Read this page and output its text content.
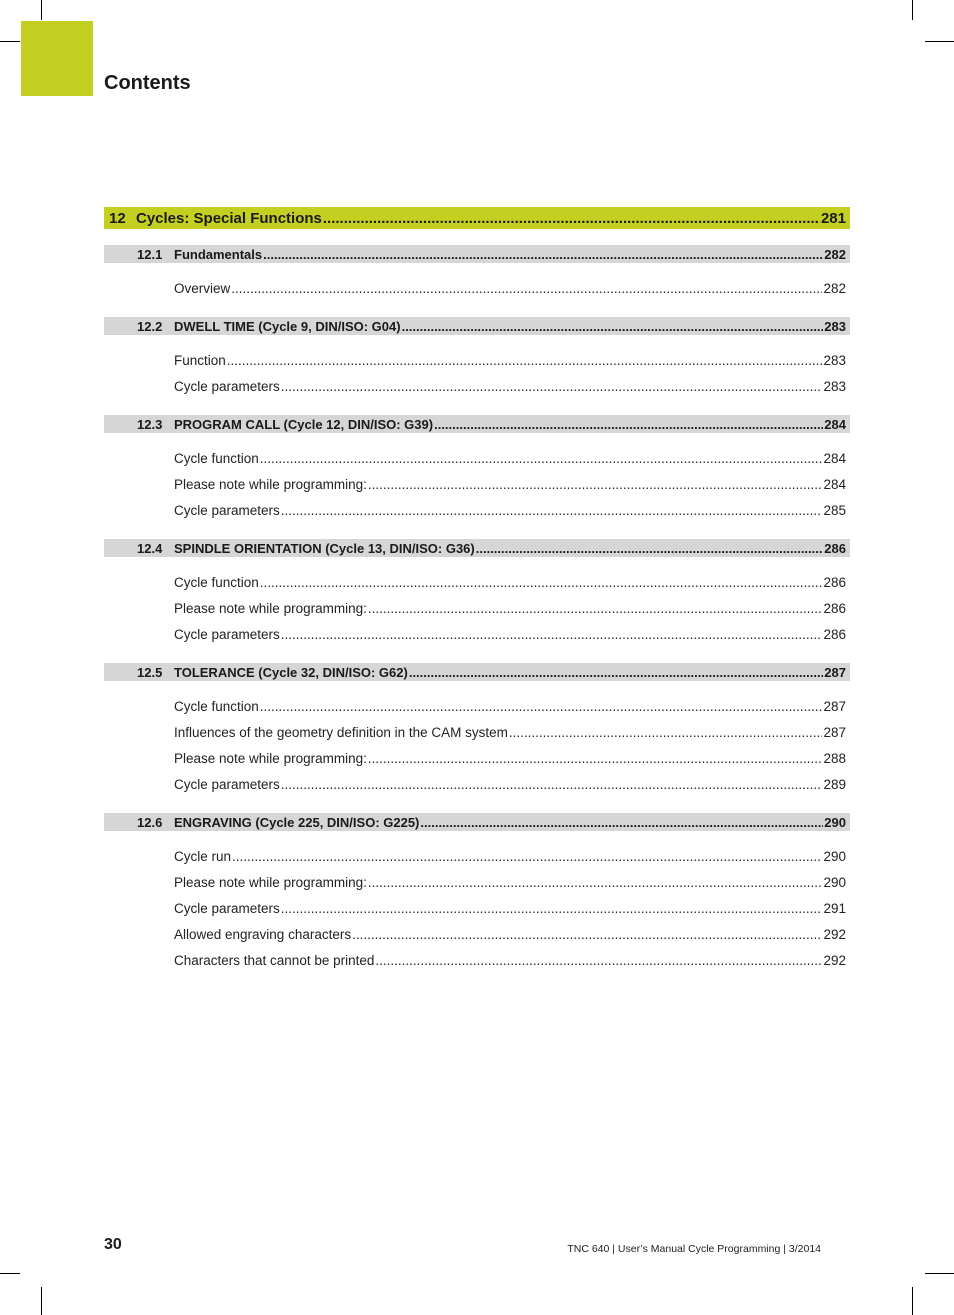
Contents
12 Cycles: Special Functions .....	281
12.1 Fundamentals .....	282
Overview .....	282
12.2 DWELL TIME (Cycle 9, DIN/ISO: G04) .....	283
Function .....	283
Cycle parameters .....	283
12.3 PROGRAM CALL (Cycle 12, DIN/ISO: G39) .....	284
Cycle function .....	284
Please note while programming: .....	284
Cycle parameters .....	285
12.4 SPINDLE ORIENTATION (Cycle 13, DIN/ISO: G36) .....	286
Cycle function .....	286
Please note while programming: .....	286
Cycle parameters .....	286
12.5 TOLERANCE (Cycle 32, DIN/ISO: G62) .....	287
Cycle function .....	287
Influences of the geometry definition in the CAM system .....	287
Please note while programming: .....	288
Cycle parameters .....	289
12.6 ENGRAVING (Cycle 225, DIN/ISO: G225) .....	290
Cycle run .....	290
Please note while programming: .....	290
Cycle parameters .....	291
Allowed engraving characters .....	292
Characters that cannot be printed .....	292
30	TNC 640 | User’s Manual Cycle Programming | 3/2014
